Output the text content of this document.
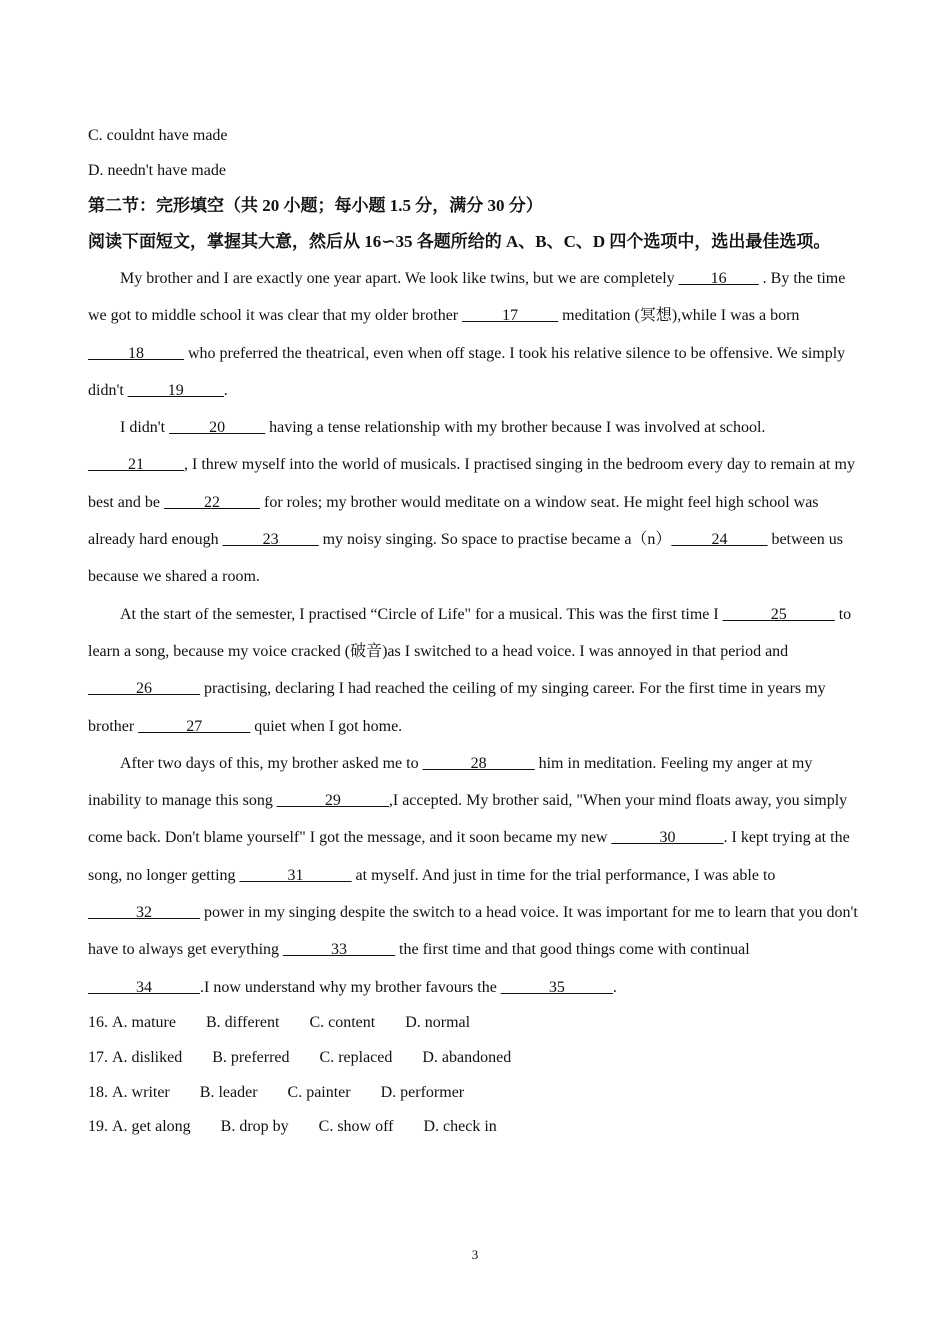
C. couldnt have made

D. needn't have made

第二节：完形填空（共 20 小题；每小题 1.5 分，满分 30 分）

阅读下面短文，掌握其大意，然后从 16∽35 各题所给的 A、B、C、D 四个选项中，选出最佳选项。

My brother and I are exactly one year apart. We look like twins, but we are completely ____16____ . By the time we got to middle school it was clear that my older brother _____17_____ meditation (冥想),while I was a born _____18_____ who preferred the theatrical, even when off stage. I took his relative silence to be offensive. We simply didn't _____19_____.

I didn't _____20_____ having a tense relationship with my brother because I was involved at school. _____21_____, I threw myself into the world of musicals. I practised singing in the bedroom every day to remain at my best and be _____22_____ for roles; my brother would meditate on a window seat. He might feel high school was already hard enough _____23_____ my noisy singing. So space to practise became a（n）_____24_____ between us because we shared a room.

At the start of the semester, I practised “Circle of Life" for a musical. This was the first time I ______25______ to learn a song, because my voice cracked (破音)as I switched to a head voice. I was annoyed in that period and ______26______ practising, declaring I had reached the ceiling of my singing career. For the first time in years my brother ______27______ quiet when I got home.

After two days of this, my brother asked me to ______28______ him in meditation. Feeling my anger at my inability to manage this song ______29______,I accepted. My brother said, "When your mind floats away, you simply come back. Don't blame yourself" I got the message, and it soon became my new ______30______. I kept trying at the song, no longer getting ______31______ at myself. And just in time for the trial performance, I was able to ______32______ power in my singing despite the switch to a head voice. It was important for me to learn that you don't have to always get everything ______33______ the first time and that good things come with continual ______34______.I now understand why my brother favours the ______35______.

16. A. mature B. different C. content D. normal

17. A. disliked B. preferred C. replaced D. abandoned

18. A. writer B. leader C. painter D. performer

19. A. get along B. drop by C. show off D. check in

3
